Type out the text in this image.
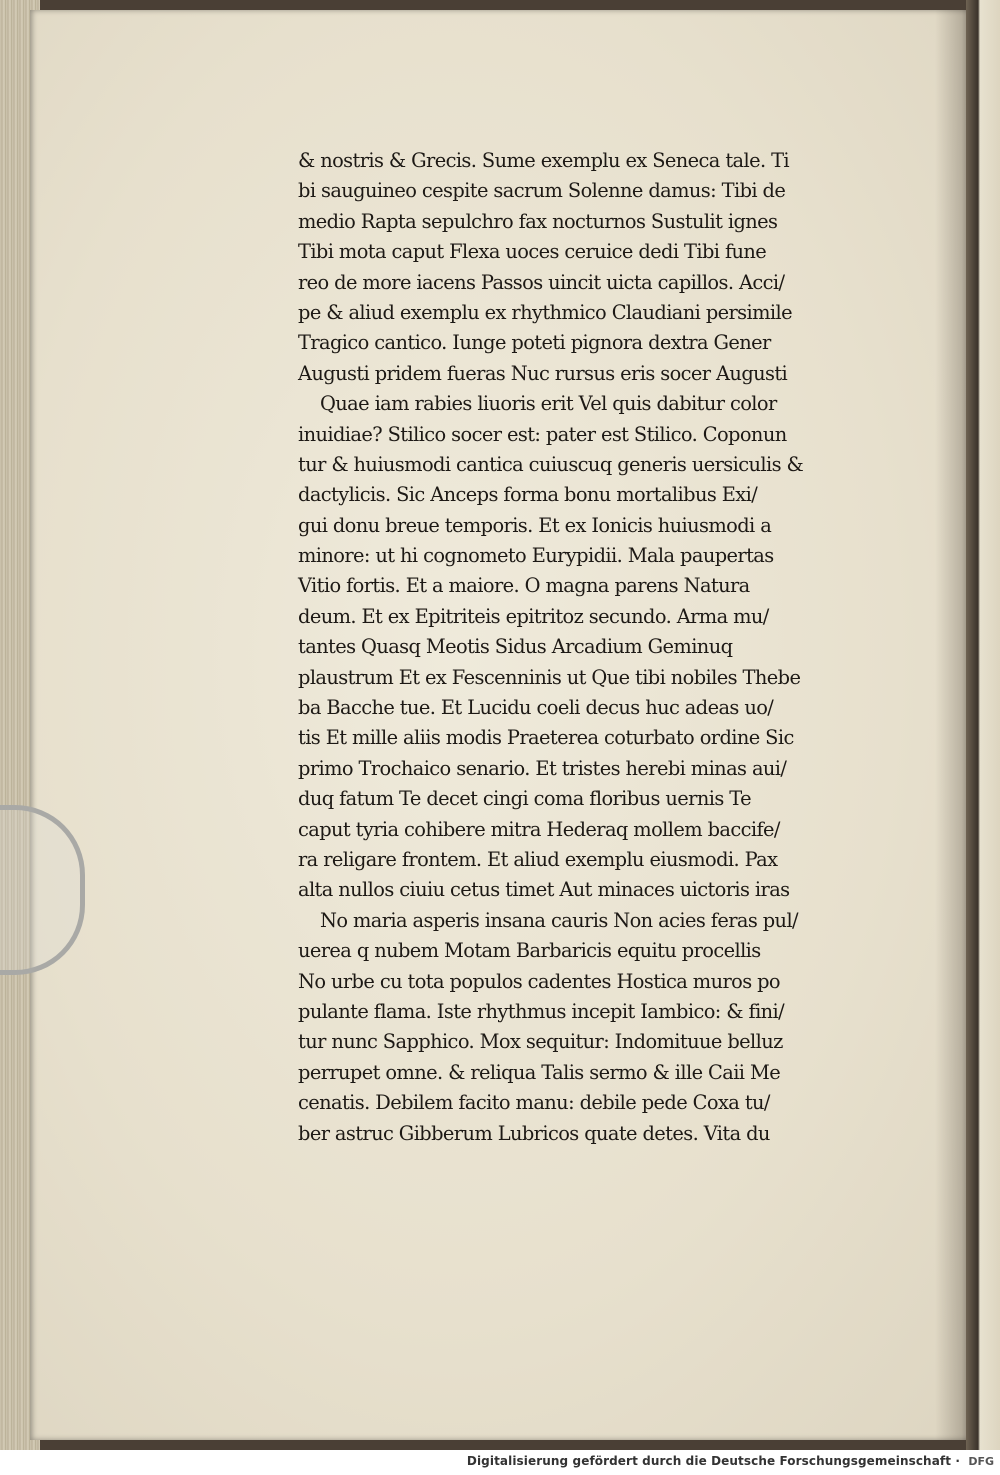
& nostris & Grecis. Sume exemplu ex Seneca tale. Ti
bi sauguineo cespite sacrum Solenne damus: Tibi de
medio Rapta sepulchro fax nocturnos Sustulit ignes
Tibi mota caput Flexa uoces ceruice dedi Tibi fune
reo de more iacens Passos uincit uicta capillos. Acci/
pe & aliud exemplu ex rhythmico Claudiani persimile
Tragico cantico. Iunge poteti pignora dextra Gener
Augusti pridem fueras Nuc rursus eris socer Augusti
Quae iam rabies liuoris erit Vel quis dabitur color
inuidiae? Stilico socer est: pater est Stilico. Coponun
tur & huiusmodi cantica cuiuscuq generis uersiculis &
dactylicis. Sic Anceps forma bonu mortalibus Exi/
gui donu breue temporis. Et ex Ionicis huiusmodi a
minore: ut hi cognometo Eurypidii. Mala paupertas
Vitio fortis. Et a maiore. O magna parens Natura
deum. Et ex Epitriteis epitritoz secundo. Arma mu/
tantes Quasq Meotis Sidus Arcadium Geminuq
plaustrum Et ex Fescenninis ut Que tibi nobiles Thebe
ba Bacche tue. Et Lucidu coeli decus huc adeas uo/
tis Et mille aliis modis Praeterea coturbato ordine Sic
primo Trochaico senario. Et tristes herebi minas aui/
duq fatum Te decet cingi coma floribus uernis Te
caput tyria cohibere mitra Hederaq mollem baccife/
ra religare frontem. Et aliud exemplu eiusmodi. Pax
alta nullos ciuiu cetus timet Aut minaces uictoris iras
No maria asperis insana cauris Non acies feras pul/
uerea q nubem Motam Barbaricis equitu procellis
No urbe cu tota populos cadentes Hostica muros po
pulante flama. Iste rhythmus incepit Iambico: & fini/
tur nunc Sapphico. Mox sequitur: Indomituue belluz
perrupet omne. & reliqua Talis sermo & ille Caii Me
cenatis. Debilem facito manu: debile pede Coxa tu/
ber astruc Gibberum Lubricos quate detes. Vita du
Digitalisierung gefördert durch die Deutsche Forschungsgemeinschaft · DFG
